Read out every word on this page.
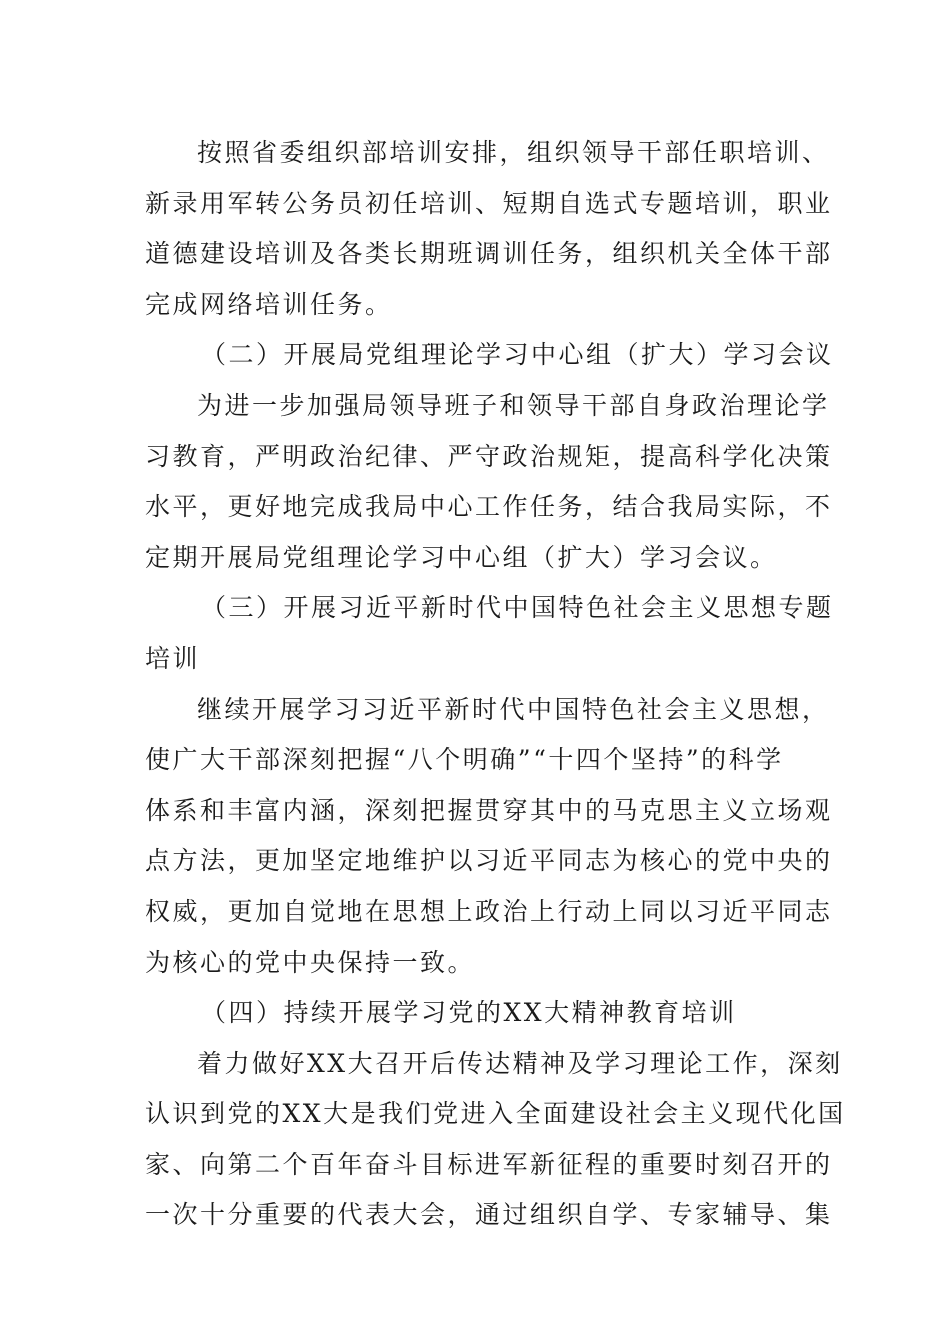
按照省委组织部培训安排，组织领导干部任职培训、
新录用军转公务员初任培训、短期自选式专题培训，职业
道德建设培训及各类长期班调训任务，组织机关全体干部
完成网络培训任务。
（二）开展局党组理论学习中心组（扩大）学习会议
为进一步加强局领导班子和领导干部自身政治理论学
习教育，严明政治纪律、严守政治规矩，提高科学化决策
水平，更好地完成我局中心工作任务，结合我局实际，不
定期开展局党组理论学习中心组（扩大）学习会议。
（三）开展习近平新时代中国特色社会主义思想专题
培训
继续开展学习习近平新时代中国特色社会主义思想，
使广大干部深刻把握“八个明确”“十四个坚持”的科学
体系和丰富内涵，深刻把握贯穿其中的马克思主义立场观
点方法，更加坚定地维护以习近平同志为核心的党中央的
权威，更加自觉地在思想上政治上行动上同以习近平同志
为核心的党中央保持一致。
（四）持续开展学习党的XX大精神教育培训
着力做好XX大召开后传达精神及学习理论工作，深刻
认识到党的XX大是我们党进入全面建设社会主义现代化国
家、向第二个百年奋斗目标进军新征程的重要时刻召开的
一次十分重要的代表大会，通过组织自学、专家辅导、集
